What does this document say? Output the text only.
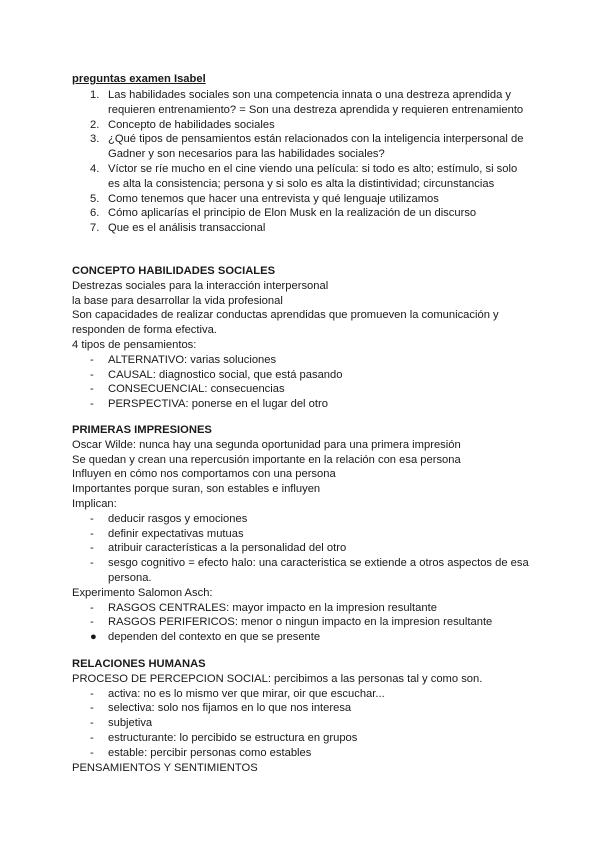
preguntas examen Isabel
1. Las habilidades sociales son una competencia innata o una destreza aprendida y requieren entrenamiento? = Son una destreza aprendida y requieren entrenamiento
2. Concepto de habilidades sociales
3. ¿Qué tipos de pensamientos están relacionados con la inteligencia interpersonal de Gadner y son necesarios para las habilidades sociales?
4. Víctor se ríe mucho en el cine viendo una película: si todo es alto; estímulo, si solo es alta la consistencia; persona y si solo es alta la distintividad; circunstancias
5. Como tenemos que hacer una entrevista y qué lenguaje utilizamos
6. Cómo aplicarías el principio de Elon Musk en la realización de un discurso
7. Que es el análisis transaccional
CONCEPTO HABILIDADES SOCIALES
Destrezas sociales para la interacción interpersonal
la base para desarrollar la vida profesional
Son capacidades de realizar conductas aprendidas que promueven la comunicación y responden de forma efectiva.
4 tipos de pensamientos:
- ALTERNATIVO: varias soluciones
- CAUSAL: diagnostico social, que está pasando
- CONSECUENCIAL: consecuencias
- PERSPECTIVA: ponerse en el lugar del otro
PRIMERAS IMPRESIONES
Oscar Wilde: nunca hay una segunda oportunidad para una primera impresión
Se quedan y crean una repercusión importante en la relación con esa persona
Influyen en cómo nos comportamos con una persona
Importantes porque suran, son estables e influyen
Implican:
- deducir rasgos y emociones
- definir expectativas mutuas
- atribuir características a la personalidad del otro
- sesgo cognitivo = efecto halo: una caracteristica se extiende a otros aspectos de esa persona.
Experimento Salomon Asch:
- RASGOS CENTRALES: mayor impacto en la impresion resultante
- RASGOS PERIFERICOS: menor o ningun impacto en la impresion resultante
● dependen del contexto en que se presente
RELACIONES HUMANAS
PROCESO DE PERCEPCION SOCIAL: percibimos a las personas tal y como son.
- activa: no es lo mismo ver que mirar, oir que escuchar...
- selectiva: solo nos fijamos en lo que nos interesa
- subjetiva
- estructurante: lo percibido se estructura en grupos
- estable: percibir personas como estables
PENSAMIENTOS Y SENTIMIENTOS
